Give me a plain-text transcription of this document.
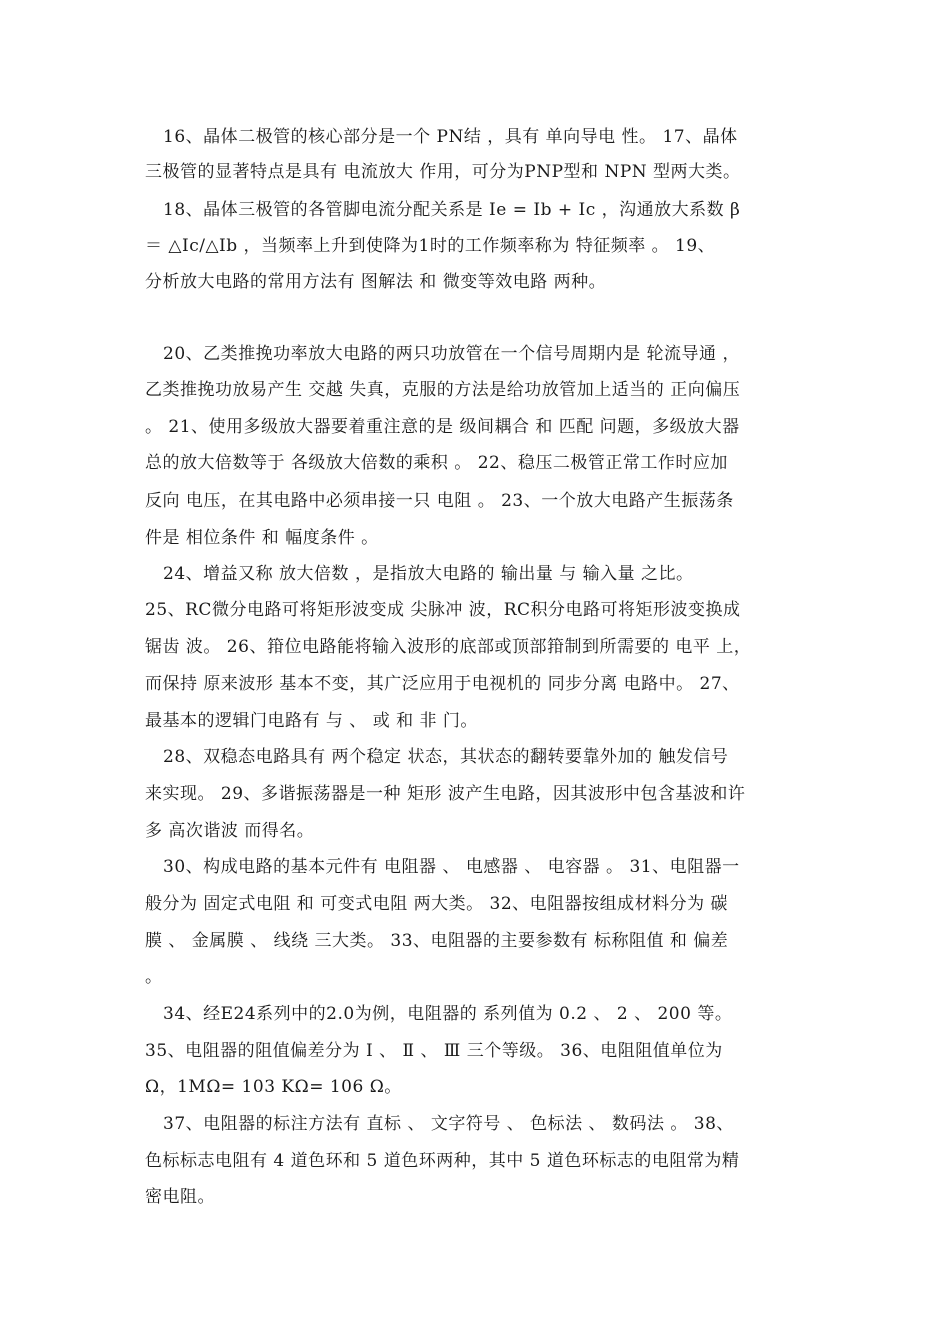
16、晶体二极管的核心部分是一个 PN结 ，具有 单向导电 性。 17、晶体
三极管的显著特点是具有 电流放大 作用，可分为PNP型和 NPN 型两大类。
18、晶体三极管的各管脚电流分配关系是 Ie = Ib + Ic ，沟通放大系数 β
＝ △Ic/△Ib ，当频率上升到使降为1时的工作频率称为 特征频率 。 19、
分析放大电路的常用方法有 图解法 和 微变等效电路 两种。
20、乙类推挽功率放大电路的两只功放管在一个信号周期内是 轮流导通 ，
乙类推挽功放易产生 交越 失真，克服的方法是给功放管加上适当的 正向偏压
。 21、使用多级放大器要着重注意的是 级间耦合 和 匹配 问题，多级放大器
总的放大倍数等于 各级放大倍数的乘积 。 22、稳压二极管正常工作时应加
反向 电压，在其电路中必须串接一只 电阻 。 23、一个放大电路产生振荡条
件是 相位条件 和 幅度条件 。
24、增益又称 放大倍数 ，是指放大电路的 输出量 与 输入量 之比。
25、RC微分电路可将矩形波变成 尖脉冲 波，RC积分电路可将矩形波变换成
锯齿 波。 26、箝位电路能将输入波形的底部或顶部箝制到所需要的 电平 上，
而保持 原来波形 基本不变，其广泛应用于电视机的 同步分离 电路中。 27、
最基本的逻辑门电路有 与 、 或 和 非 门。
28、双稳态电路具有 两个稳定 状态，其状态的翻转要靠外加的 触发信号
来实现。 29、多谐振荡器是一种 矩形 波产生电路，因其波形中包含基波和许
多 高次谐波 而得名。
30、构成电路的基本元件有 电阻器 、 电感器 、 电容器 。 31、电阻器一
般分为 固定式电阻 和 可变式电阻 两大类。 32、电阻器按组成材料分为 碳
膜 、 金属膜 、 线绕 三大类。 33、电阻器的主要参数有 标称阻值 和 偏差
。
34、经E24系列中的2.0为例，电阻器的 系列值为 0.2 、 2 、 200 等。
35、电阻器的阻值偏差分为 Ⅰ 、 Ⅱ 、 Ⅲ 三个等级。 36、电阻阻值单位为
Ω，1MΩ= 103 KΩ= 106 Ω。
37、电阻器的标注方法有 直标 、 文字符号 、 色标法 、 数码法 。 38、
色标标志电阻有 4 道色环和 5 道色环两种，其中 5 道色环标志的电阻常为精
密电阻。
